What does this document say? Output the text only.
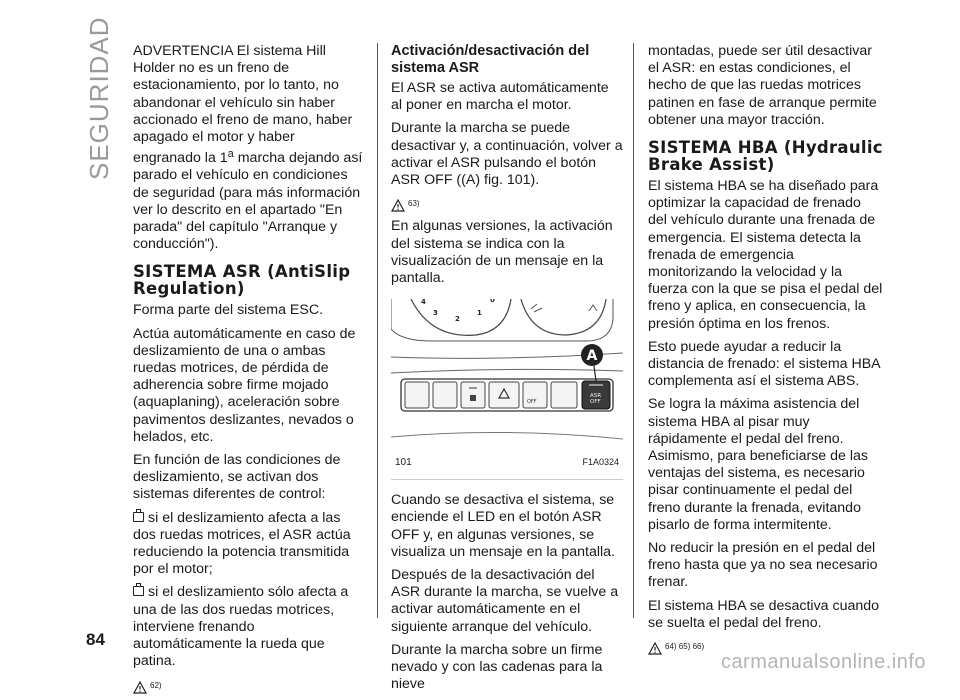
SEGURIDAD ADVERTENCIA El sistema Hill Holder no es un freno de estacionamiento, por lo tanto, no abandonar el vehículo sin haber accionado el freno de mano, haber apagado el motor y haber engranado la 1$^a$ marcha dejando así parado el vehículo en condiciones de seguridad (para más información ver lo descrito en el apartado "En parada" del capítulo "Arranque y conducción").

SISTEMA ASR (AntiSlip Regulation)

Forma parte del sistema ESC.

Actúa automáticamente en caso de deslizamiento de una o ambas ruedas motrices, de pérdida de adherencia sobre firme mojado (aquaplaning), aceleración sobre pavimentos deslizantes, nevados o helados, etc.

En función de las condiciones de deslizamiento, se activan dos sistemas diferentes de control:

si el deslizamiento afecta a las dos ruedas motrices, el ASR actúa reduciendo la potencia transmitida por el motor;

si el deslizamiento sólo afecta a una de las dos ruedas motrices, interviene frenando automáticamente la rueda que patina.

62)
Activación/desactivación del sistema ASR

El ASR se activa automáticamente al poner en marcha el motor.

Durante la marcha se puede desactivar y, a continuación, volver a activar el ASR pulsando el botón ASR OFF ((A) fig. 101).

63)

En algunas versiones, la activación del sistema se indica con la visualización de un mensaje en la pantalla.

4
3
2
1
0
OFF
ASR
OFF
A
101	F1A0324

Cuando se desactiva el sistema, se enciende el LED en el botón ASR OFF y, en algunas versiones, se visualiza un mensaje en la pantalla.

Después de la desactivación del ASR durante la marcha, se vuelve a activar automáticamente en el siguiente arranque del vehículo.

Durante la marcha sobre un firme nevado y con las cadenas para la nieve

montadas, puede ser útil desactivar el ASR: en estas condiciones, el hecho de que las ruedas motrices patinen en fase de arranque permite obtener una mayor tracción.

SISTEMA HBA (Hydraulic Brake Assist)

El sistema HBA se ha diseñado para optimizar la capacidad de frenado del vehículo durante una frenada de emergencia. El sistema detecta la frenada de emergencia monitorizando la velocidad y la fuerza con la que se pisa el pedal del freno y aplica, en consecuencia, la presión óptima en los frenos.

Esto puede ayudar a reducir la distancia de frenado: el sistema HBA complementa así el sistema ABS.

Se logra la máxima asistencia del sistema HBA al pisar muy rápidamente el pedal del freno. Asimismo, para beneficiarse de las ventajas del sistema, es necesario pisar continuamente el pedal del freno durante la frenada, evitando pisarlo de forma intermitente.

No reducir la presión en el pedal del freno hasta que ya no sea necesario frenar.

El sistema HBA se desactiva cuando se suelta el pedal del freno.

64) 65) 66)
84
carmanualsonline.info
